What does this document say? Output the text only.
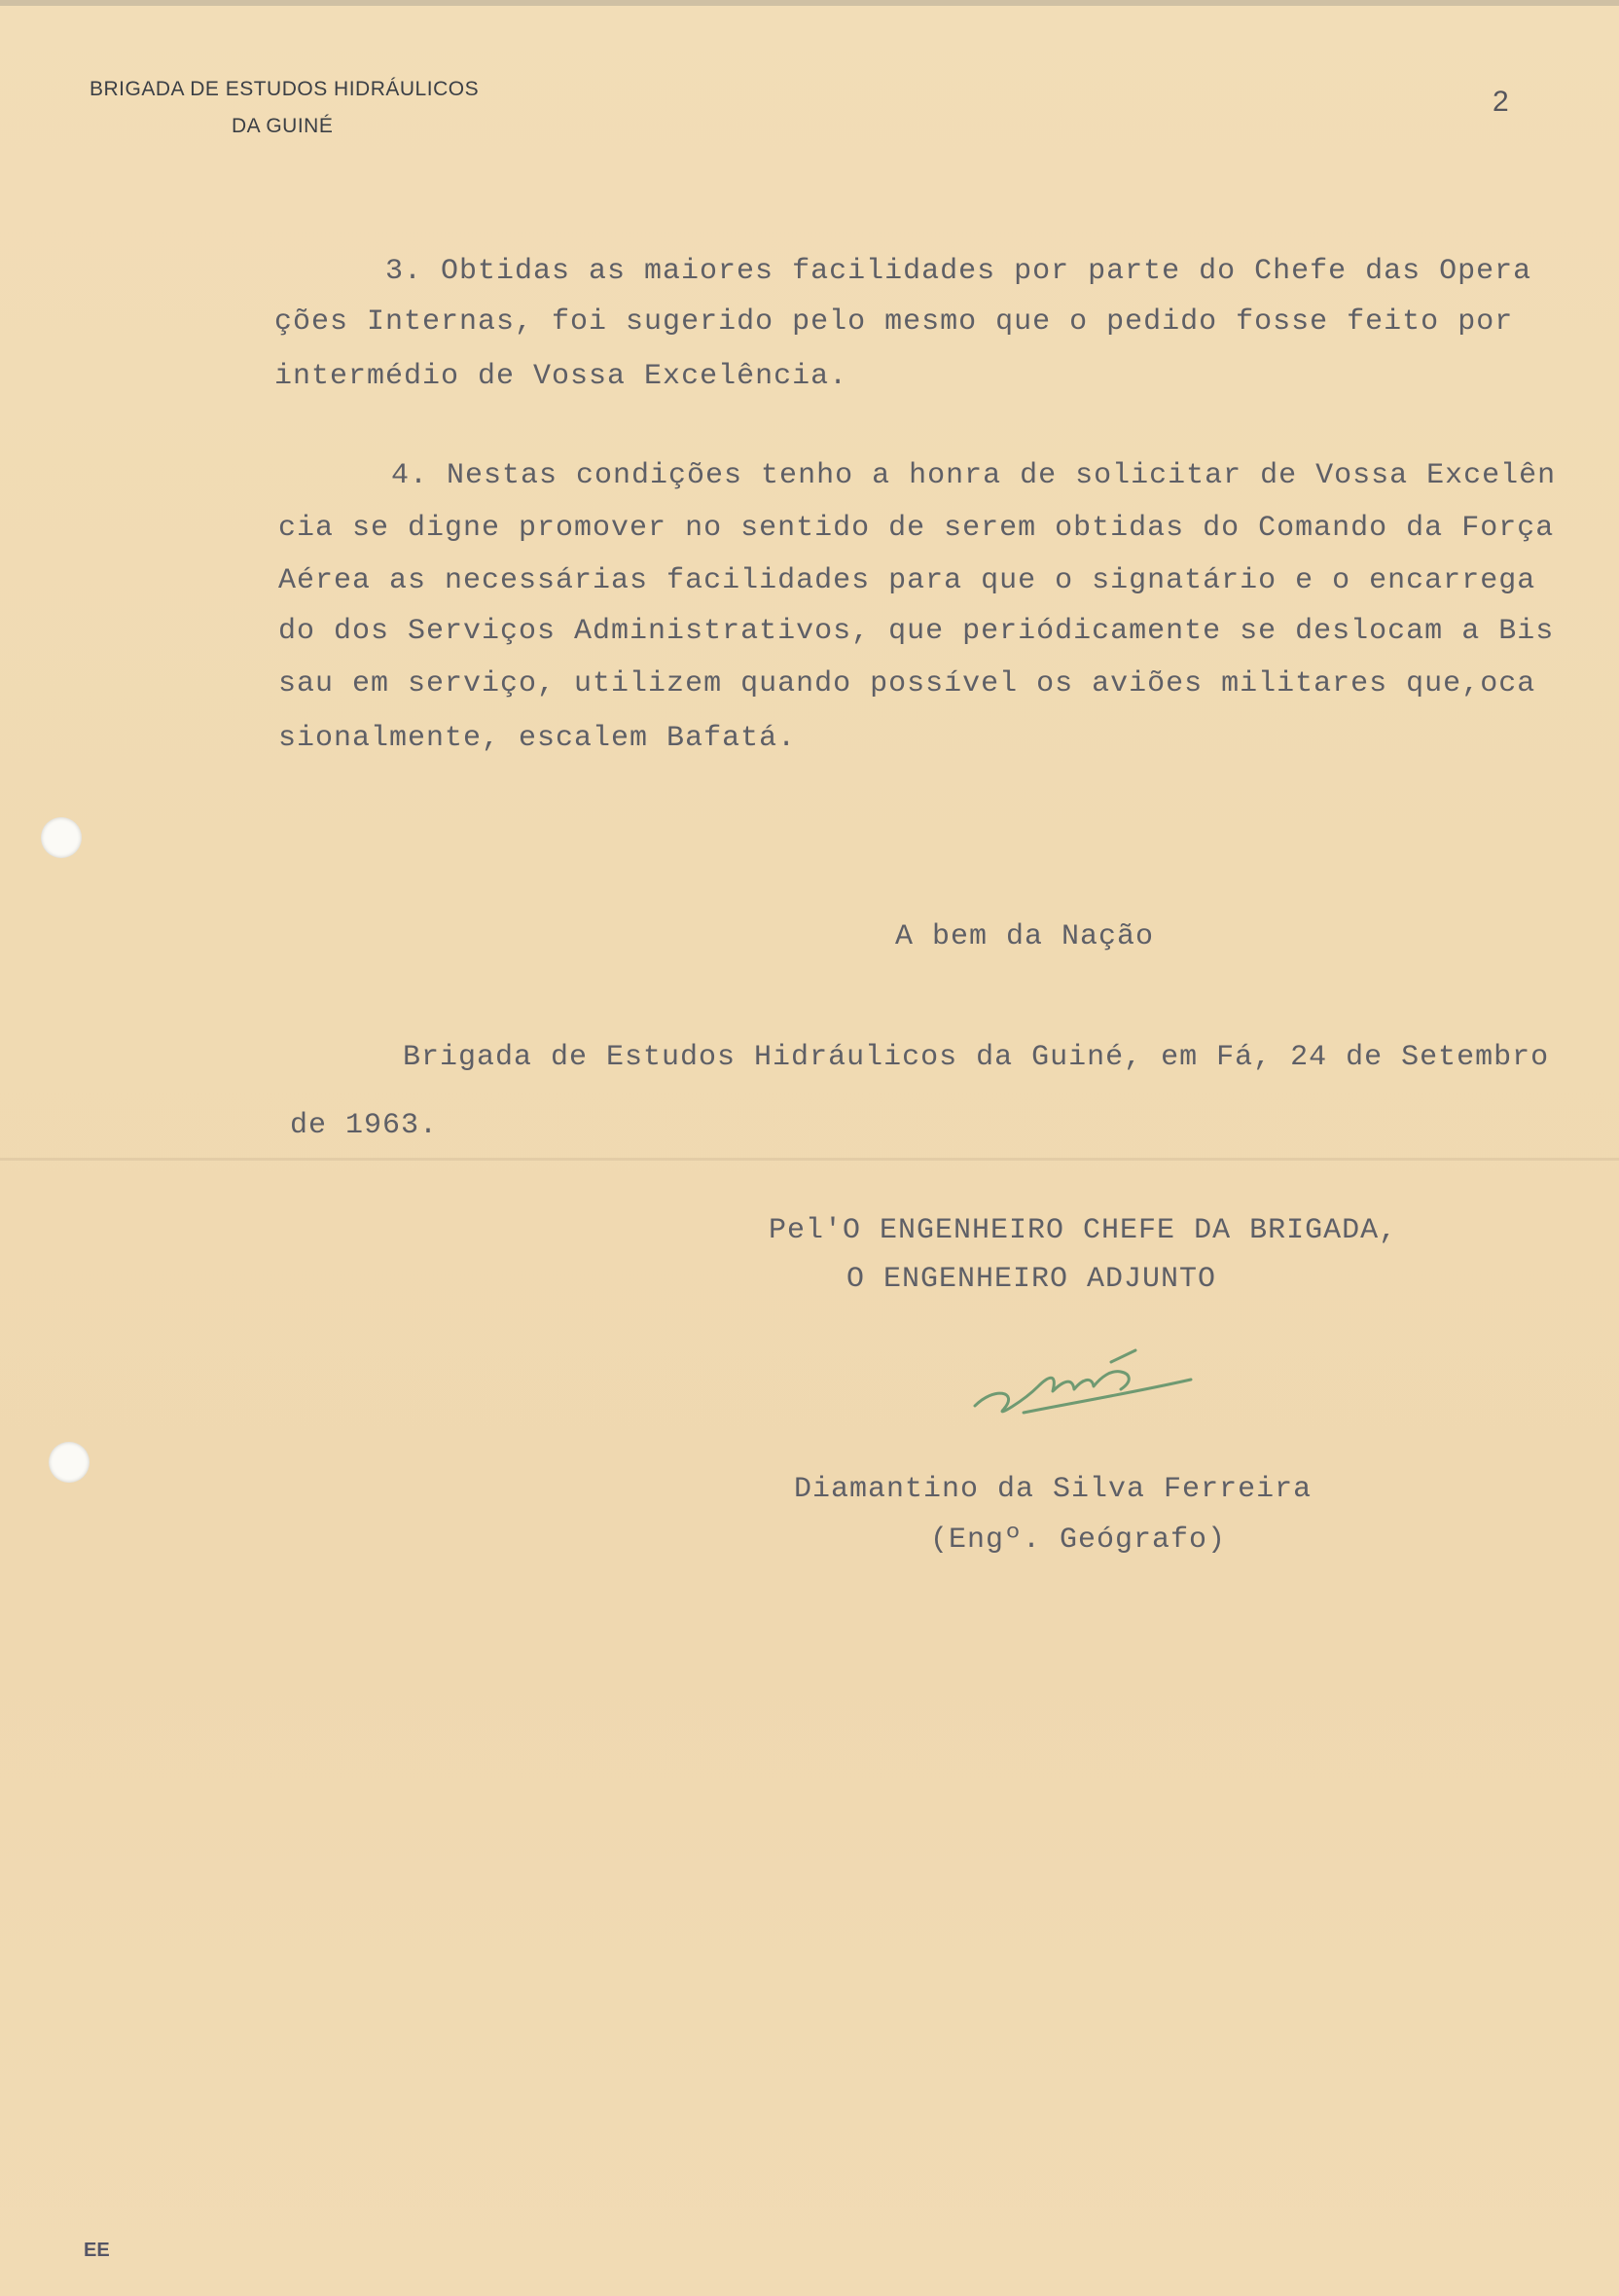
BRIGADA DE ESTUDOS HIDRÁULICOS
DA GUINÉ
2
3. Obtidas as maiores facilidades por parte do Chefe das Opera
ções Internas, foi sugerido pelo mesmo que o pedido fosse feito por
intermédio de Vossa Excelência.
4. Nestas condições tenho a honra de solicitar de Vossa Excelên
cia se digne promover no sentido de serem obtidas do Comando da Força
Aérea as necessárias facilidades para que o signatário e o encarrega
do dos Serviços Administrativos, que periódicamente se deslocam a Bis
sau em serviço, utilizem quando possível os aviões militares que,oca
sionalmente, escalem Bafatá.
A bem da Nação
Brigada de Estudos Hidráulicos da Guiné, em Fá, 24 de Setembro
de 1963.
Pel'O ENGENHEIRO CHEFE DA BRIGADA,
O ENGENHEIRO ADJUNTO
Diamantino da Silva Ferreira
(Engº. Geógrafo)
EE
